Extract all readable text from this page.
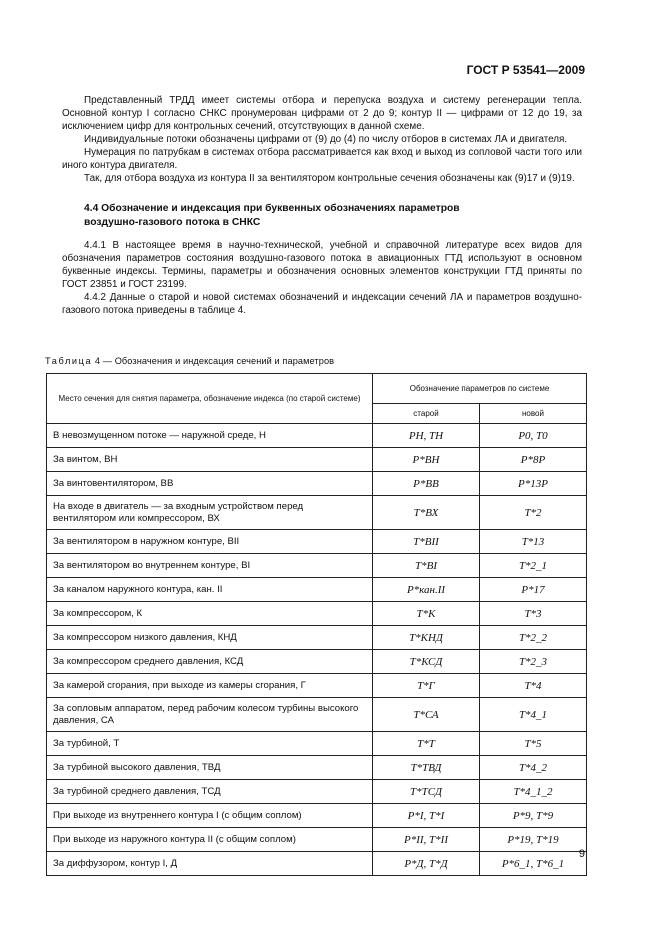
ГОСТ Р 53541—2009

Представленный ТРДД имеет системы отбора и перепуска воздуха и систему регенерации тепла. Основной контур I согласно СНКС пронумерован цифрами от 2 до 9; контур II — цифрами от 12 до 19, за исключением цифр для контрольных сечений, отсутствующих в данной схеме.

Индивидуальные потоки обозначены цифрами от (9) до (4) по числу отборов в системах ЛА и двигателя.

Нумерация по патрубкам в системах отбора рассматривается как вход и выход из сопловой части того или иного контура двигателя.

Так, для отбора воздуха из контура II за вентилятором контрольные сечения обозначены как (9)17 и (9)19.

4.4 Обозначение и индексация при буквенных обозначениях параметров
воздушно-газового потока в СНКС

4.4.1 В настоящее время в научно-технической, учебной и справочной литературе всех видов для обозначения параметров состояния воздушно-газового потока в авиационных ГТД используют в основном буквенные индексы. Термины, параметры и обозначения основных элементов конструкции ГТД приняты по ГОСТ 23851 и ГОСТ 23199.

4.4.2 Данные о старой и новой системах обозначений и индексации сечений ЛА и параметров воздушно-газового потока приведены в таблице 4.

Таблица 4 — Обозначения и индексация сечений и параметров
Место сечения для снятия параметра, обозначение индекса (по старой системе)	Обозначение параметров по системе	
	старой	новой
В невозмущенном потоке — наружной среде, Н	PН, TН	P0, T0
За винтом, ВН	P*ВН	P*8Р
За винтовентилятором, ВВ	P*ВВ	P*13Р
На входе в двигатель — за входным устройством перед вентилятором или компрессором, ВХ	T*ВХ	T*2
За вентилятором в наружном контуре, ВII	T*ВII	T*13
За вентилятором во внутреннем контуре, ВI	T*ВI	T*2_1
За каналом наружного контура, кан. II	P*кан.II	P*17
За компрессором, К	T*К	T*3
За компрессором низкого давления, КНД	T*КНД	T*2_2
За компрессором среднего давления, КСД	T*КСД	T*2_3
За камерой сгорания, при выходе из камеры сгорания, Г	T*Г	T*4
За сопловым аппаратом, перед рабочим колесом турбины высокого давления, СА	T*СА	T*4_1
За турбиной, Т	T*Т	T*5
За турбиной высокого давления, ТВД	T*ТВД	T*4_2
За турбиной среднего давления, ТСД	T*ТСД	T*4_1_2
При выходе из внутреннего контура I (с общим соплом)	P*I, T*I	P*9, T*9
При выходе из наружного контура II (с общим соплом)	P*II, T*II	P*19, T*19
За диффузором, контур I, Д	P*Д, T*Д	P*6_1, T*6_1
9
